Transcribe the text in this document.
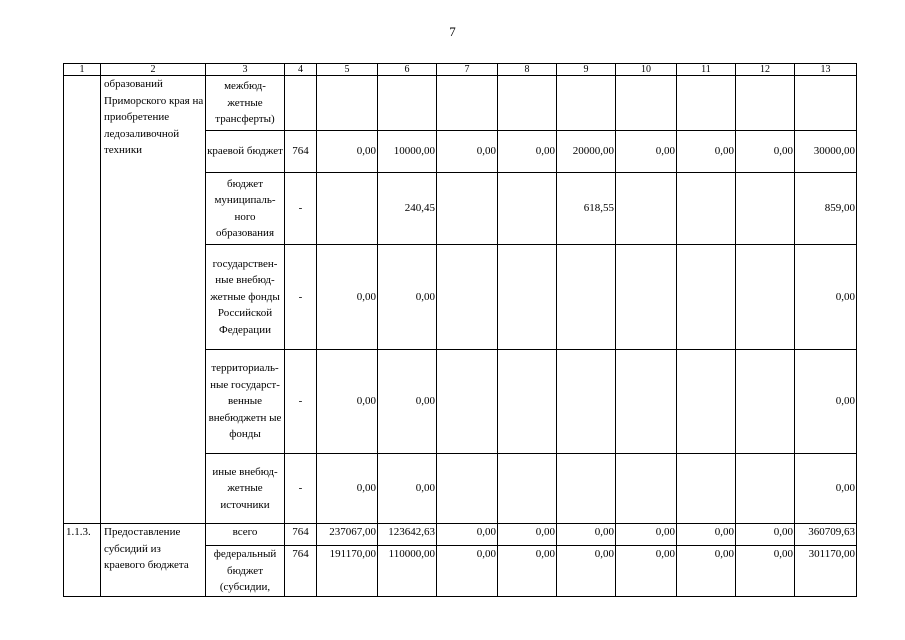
7
1	2	3	4	5	6	7	8	9	10	11	12	13
	образований Приморского края на приобретение ледозаливочной техники	межбюд-жетные трансферты)										
		краевой бюджет	764	0,00	10000,00	0,00	0,00	20000,00	0,00	0,00	0,00	30000,00
		бюджет муниципаль-ного образования	-		240,45			618,55				859,00
		государствен-ные внебюд-жетные фонды Российской Федерации	-	0,00	0,00							0,00
		территориаль-ные государст-венные внебюджетн ые фонды	-	0,00	0,00							0,00
		иные внебюд-жетные источники	-	0,00	0,00							0,00
1.1.3.	Предоставление субсидий из краевого бюджета	всего	764	237067,00	123642,63	0,00	0,00	0,00	0,00	0,00	0,00	360709,63
		федеральный бюджет (субсидии,	764	191170,00	110000,00	0,00	0,00	0,00	0,00	0,00	0,00	301170,00
